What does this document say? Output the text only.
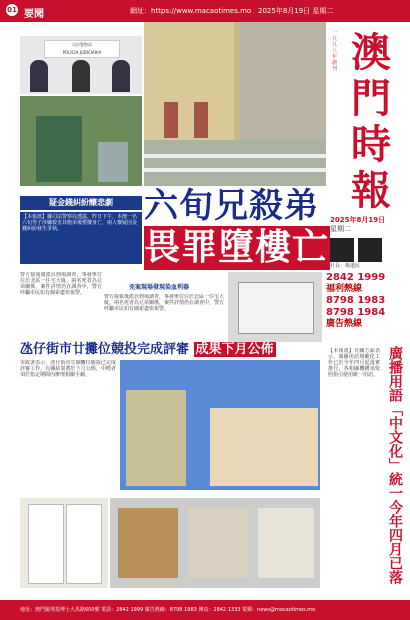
01 要聞	網址：https://www.macaotimes.mo 2025年8月19日 星期二
司法警察局
POLÍCIA JUDICIÁRIA
一九九八年創刊 澳門時報
2025年8月19日
星期二
社長：楊道民
2842 1999
福利熱線
8798 1983
8798 1984
廣告熱線
疑金錢糾紛釀悲劇
【本報訊】據司法警察局透露，昨日下午，本澳一名六旬男子涉嫌殺害其胞弟後墮樓身亡，兩人懷疑因金錢糾紛發生爭執。
六旬兄殺弟
畏罪墮樓亡
警方接報後派員到場調查，事發單位位於北區一住宅大廈，兩名死者為兄弟關係，案件詳情仍在調查中，警方呼籲市民如有線索盡快報警。
兇案現場發現染血利器
警方接報後派員到場調查，事發單位位於北區一住宅大廈，兩名死者為兄弟關係，案件詳情仍在調查中，警方呼籲市民如有線索盡快報警。
氹仔街市廿攤位競投完成評審 成果下月公佈
市政署表示，氹仔街市廿個攤位競投已完成評審工作，有關結果將於下月公佈，中標者須於指定期間內辦理相關手續。
廣播用語「中文化」統一今年四月已落
【本報訊】有關方面表示，廣播用語規範化工作已於今年四月起落實推行，各相關機構須依照指引使用統一用語。
地址：澳門羅理基博士大馬路600號 電話：2842 1999 廣告熱線：8798 1983 傳真：2842 1333 電郵：news@macaotimes.mo
